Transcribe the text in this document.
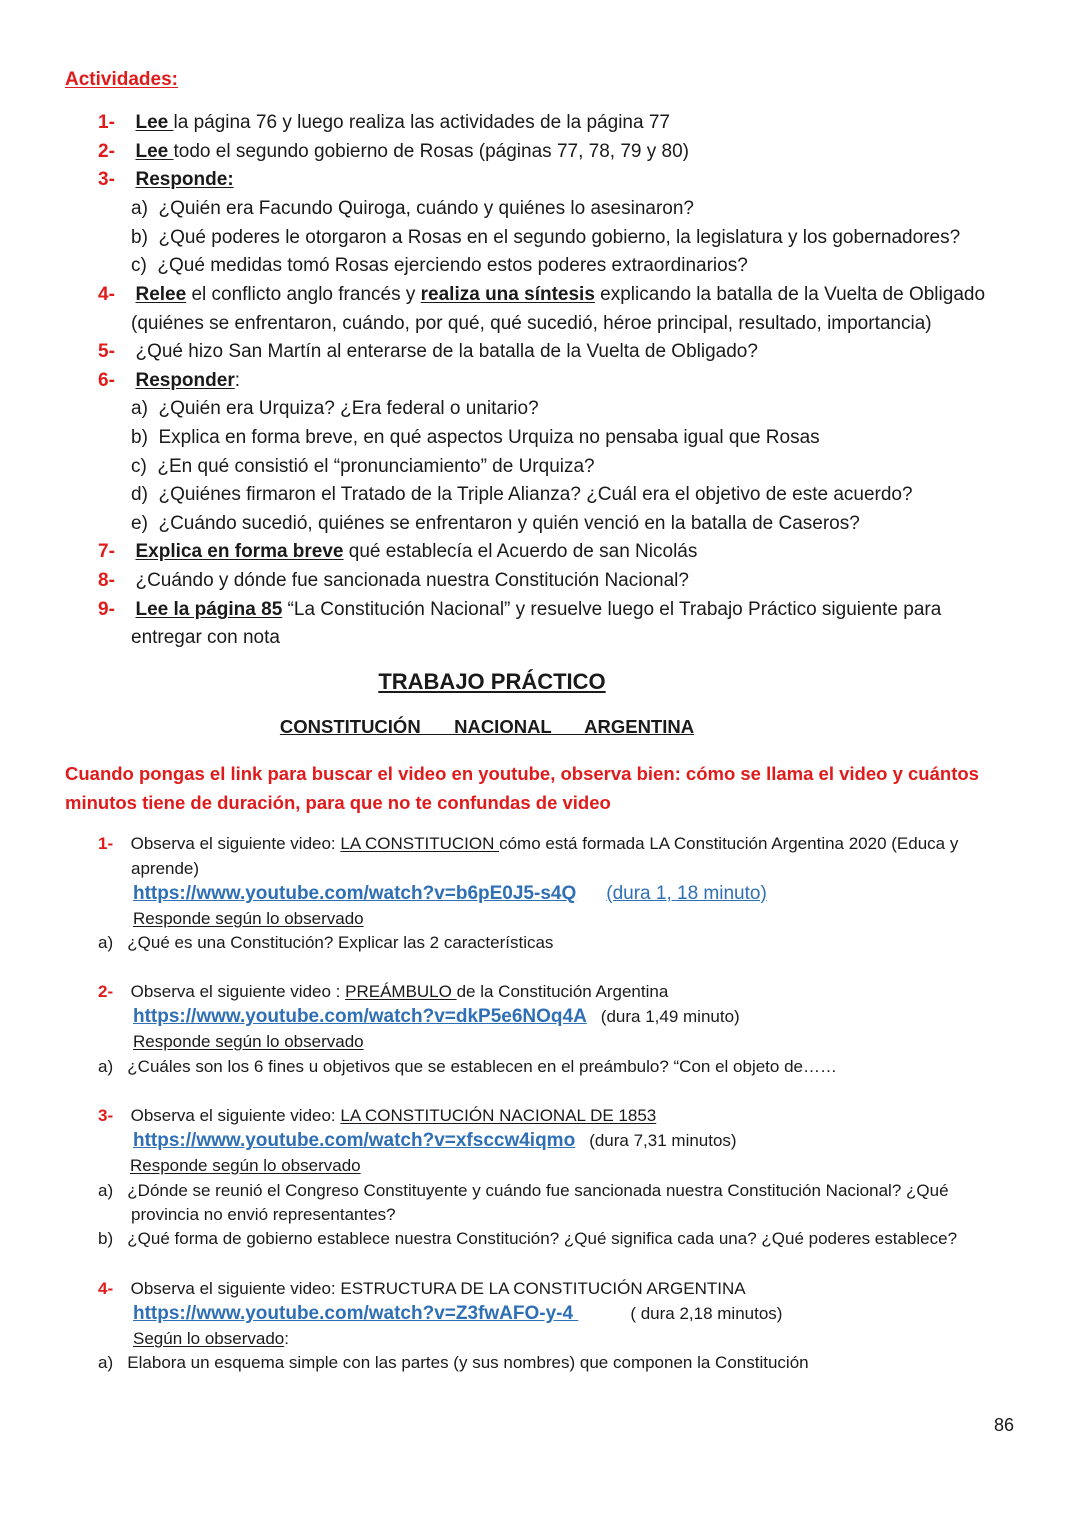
Actividades:
1- Lee la página 76 y luego realiza las actividades de la página 77
2- Lee todo el segundo gobierno de Rosas (páginas 77, 78, 79 y 80)
3- Responde:
a) ¿Quién era Facundo Quiroga, cuándo y quiénes lo asesinaron?
b) ¿Qué poderes le otorgaron a Rosas en el segundo gobierno, la legislatura y los gobernadores?
c) ¿Qué medidas tomó Rosas ejerciendo estos poderes extraordinarios?
4- Relee el conflicto anglo francés y realiza una síntesis explicando la batalla de la Vuelta de Obligado
(quiénes se enfrentaron, cuándo, por qué, qué sucedió, héroe principal, resultado, importancia)
5- ¿Qué hizo San Martín al enterarse de la batalla de la Vuelta de Obligado?
6- Responder:
a) ¿Quién era Urquiza? ¿Era federal o unitario?
b) Explica en forma breve, en qué aspectos Urquiza no pensaba igual que Rosas
c) ¿En qué consistió el “pronunciamiento” de Urquiza?
d) ¿Quiénes firmaron el Tratado de la Triple Alianza? ¿Cuál era el objetivo de este acuerdo?
e) ¿Cuándo sucedió, quiénes se enfrentaron y quién venció en la batalla de Caseros?
7- Explica en forma breve qué establecía el Acuerdo de san Nicolás
8- ¿Cuándo y dónde fue sancionada nuestra Constitución Nacional?
9- Lee la página 85 “La Constitución Nacional” y resuelve luego el Trabajo Práctico siguiente para
entregar con nota
TRABAJO PRÁCTICO
CONSTITUCIÓN   NACIONAL   ARGENTINA
Cuando pongas el link para buscar el video en youtube, observa bien: cómo se llama el video y cuántos
minutos tiene de duración, para que no te confundas de video
1- Observa el siguiente video: LA CONSTITUCION cómo está formada LA Constitución Argentina 2020 (Educa y
aprende)
https://www.youtube.com/watch?v=b6pE0J5-s4Q (dura 1, 18 minuto)
Responde según lo observado
a) ¿Qué es una Constitución? Explicar las 2 características
2- Observa el siguiente video : PREÁMBULO de la Constitución Argentina
https://www.youtube.com/watch?v=dkP5e6NOq4A (dura 1,49 minuto)
Responde según lo observado
a) ¿Cuáles son los 6 fines u objetivos que se establecen en el preámbulo? “Con el objeto de……
3- Observa el siguiente video: LA CONSTITUCIÓN NACIONAL DE 1853
https://www.youtube.com/watch?v=xfsccw4iqmo (dura 7,31 minutos)
Responde según lo observado
a) ¿Dónde se reunió el Congreso Constituyente y cuándo fue sancionada nuestra Constitución Nacional? ¿Qué
provincia no envió representantes?
b) ¿Qué forma de gobierno establece nuestra Constitución? ¿Qué significa cada una? ¿Qué poderes establece?
4- Observa el siguiente video: ESTRUCTURA DE LA CONSTITUCIÓN ARGENTINA
https://www.youtube.com/watch?v=Z3fwAFO-y-4	( dura 2,18 minutos)
Según lo observado:
a) Elabora un esquema simple con las partes (y sus nombres) que componen la Constitución
86
